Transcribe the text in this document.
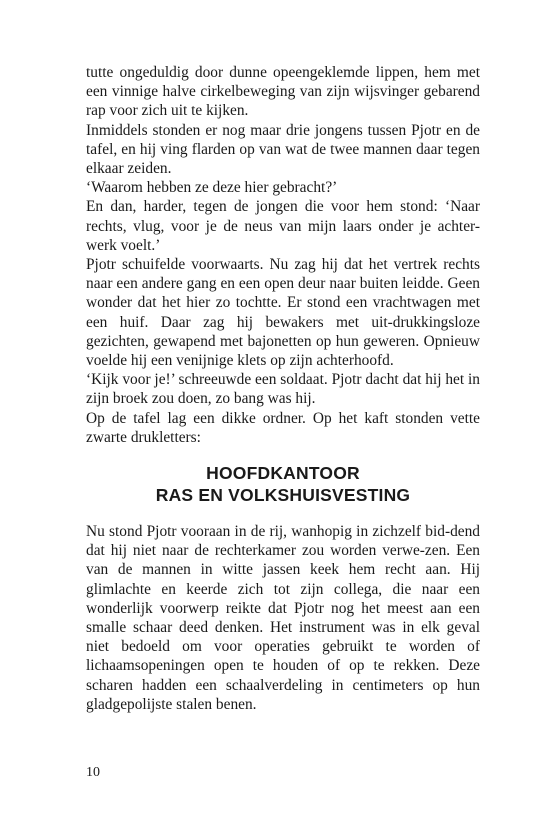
tutte ongeduldig door dunne opeengeklemde lippen, hem met een vinnige halve cirkelbeweging van zijn wijsvinger gebarend rap voor zich uit te kijken.

Inmiddels stonden er nog maar drie jongens tussen Pjotr en de tafel, en hij ving flarden op van wat de twee mannen daar tegen elkaar zeiden.

‘Waarom hebben ze deze hier gebracht?’

En dan, harder, tegen de jongen die voor hem stond: ‘Naar rechts, vlug, voor je de neus van mijn laars onder je achter-werk voelt.’

Pjotr schuifelde voorwaarts. Nu zag hij dat het vertrek rechts naar een andere gang en een open deur naar buiten leidde. Geen wonder dat het hier zo tochtte. Er stond een vrachtwagen met een huif. Daar zag hij bewakers met uit-drukkingsloze gezichten, gewapend met bajonetten op hun geweren. Opnieuw voelde hij een venijnige klets op zijn achterhoofd.

‘Kijk voor je!’ schreeuwde een soldaat. Pjotr dacht dat hij het in zijn broek zou doen, zo bang was hij.

Op de tafel lag een dikke ordner. Op het kaft stonden vette zwarte drukletters:

HOOFDKANTOOR
RAS EN VOLKSHUISVESTING

Nu stond Pjotr vooraan in de rij, wanhopig in zichzelf bid-dend dat hij niet naar de rechterkamer zou worden verwe-zen. Een van de mannen in witte jassen keek hem recht aan. Hij glimlachte en keerde zich tot zijn collega, die naar een wonderlijk voorwerp reikte dat Pjotr nog het meest aan een smalle schaar deed denken. Het instrument was in elk geval niet bedoeld om voor operaties gebruikt te worden of lichaamsopeningen open te houden of op te rekken. Deze scharen hadden een schaalverdeling in centimeters op hun gladgepolijste stalen benen.

10
